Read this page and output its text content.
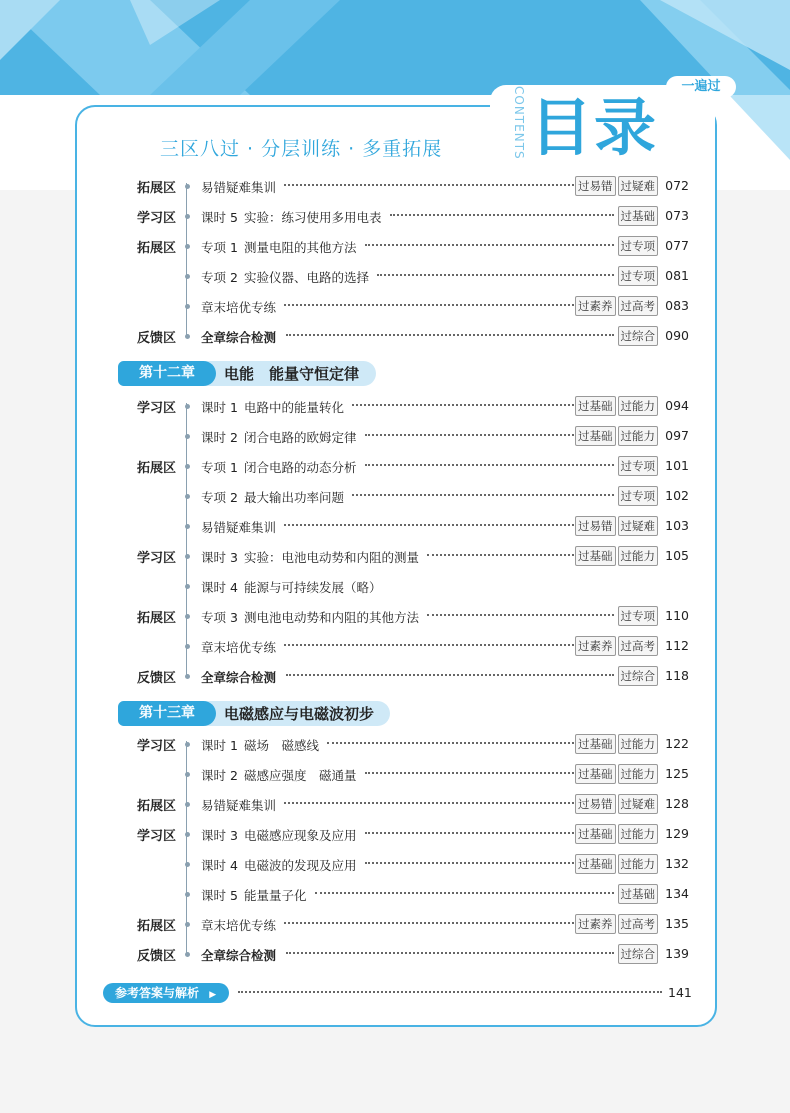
CONTENTS 目录
一遍过
三区八过 · 分层训练 · 多重拓展
拓展区	易错疑难集训	过易错 过疑难 072
学习区	课时 5 实验：练习使用多用电表	过基础 073
拓展区	专项 1 测量电阻的其他方法	过专项 077
专项 2 实验仪器、电路的选择	过专项 081
章末培优专练	过素养 过高考 083
反馈区	全章综合检测	过综合 090
第十二章	电能　能量守恒定律
学习区	课时 1 电路中的能量转化	过基础 过能力 094
课时 2 闭合电路的欧姆定律	过基础 过能力 097
拓展区	专项 1 闭合电路的动态分析	过专项 101
专项 2 最大输出功率问题	过专项 102
易错疑难集训	过易错 过疑难 103
学习区	课时 3 实验：电池电动势和内阻的测量	过基础 过能力 105
课时 4 能源与可持续发展（略）
拓展区	专项 3 测电池电动势和内阻的其他方法	过专项 110
章末培优专练	过素养 过高考 112
反馈区	全章综合检测	过综合 118
第十三章	电磁感应与电磁波初步
学习区	课时 1 磁场　磁感线	过基础 过能力 122
课时 2 磁感应强度　磁通量	过基础 过能力 125
拓展区	易错疑难集训	过易错 过疑难 128
学习区	课时 3 电磁感应现象及应用	过基础 过能力 129
课时 4 电磁波的发现及应用	过基础 过能力 132
课时 5 能量量子化	过基础 134
拓展区	章末培优专练	过素养 过高考 135
反馈区	全章综合检测	过综合 139
参考答案与解析 ▶	141
